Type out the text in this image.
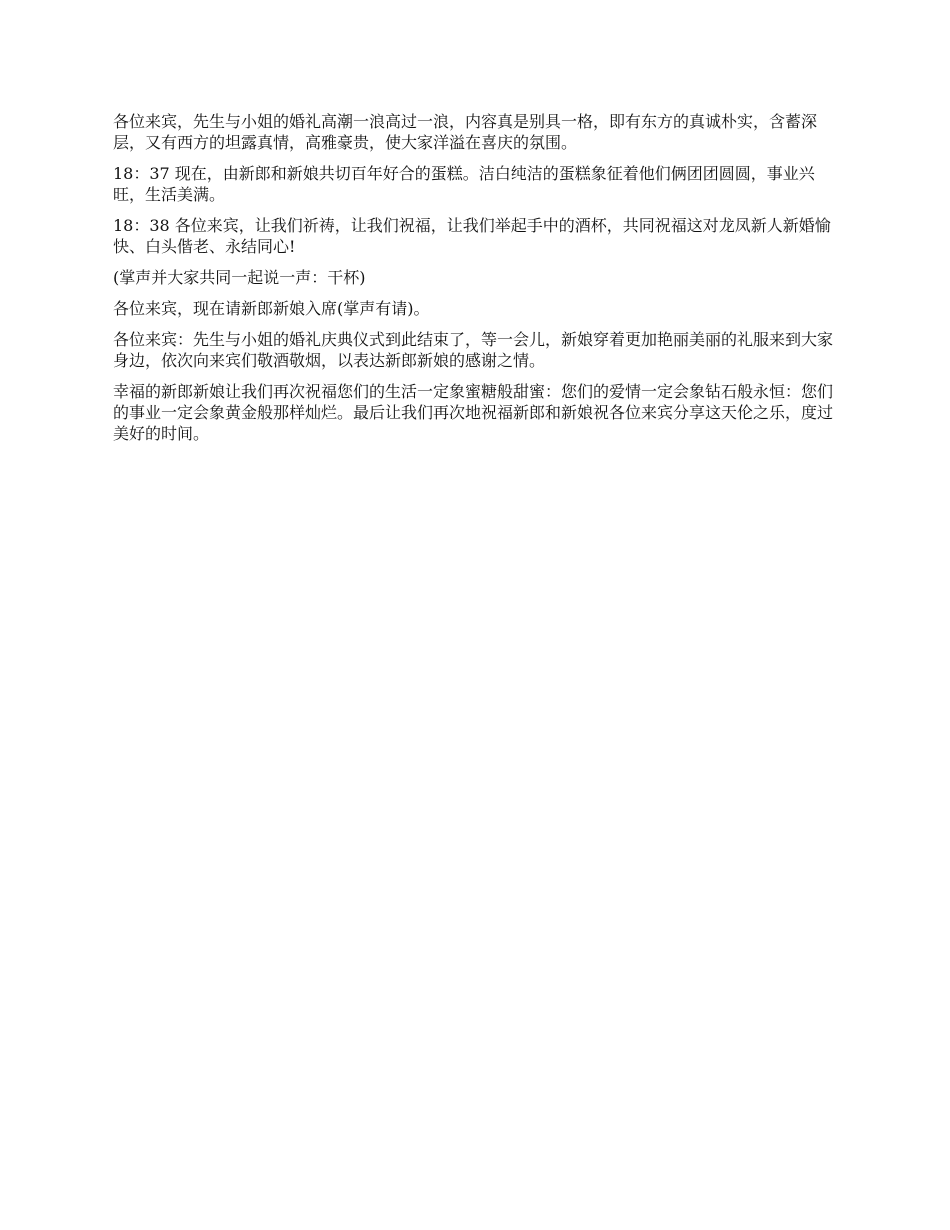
各位来宾，先生与小姐的婚礼高潮一浪高过一浪，内容真是别具一格，即有东方的真诚朴实，含蓄深层，又有西方的坦露真情，高雅豪贵，使大家洋溢在喜庆的氛围。

18：37 现在，由新郎和新娘共切百年好合的蛋糕。洁白纯洁的蛋糕象征着他们俩团团圆圆，事业兴旺，生活美满。

18：38 各位来宾，让我们祈祷，让我们祝福，让我们举起手中的酒杯，共同祝福这对龙凤新人新婚愉快、白头偕老、永结同心!

(掌声并大家共同一起说一声：干杯)

各位来宾，现在请新郎新娘入席(掌声有请)。

各位来宾：先生与小姐的婚礼庆典仪式到此结束了，等一会儿，新娘穿着更加艳丽美丽的礼服来到大家身边，依次向来宾们敬酒敬烟，以表达新郎新娘的感谢之情。

幸福的新郎新娘让我们再次祝福您们的生活一定象蜜糖般甜蜜：您们的爱情一定会象钻石般永恒：您们的事业一定会象黄金般那样灿烂。最后让我们再次地祝福新郎和新娘祝各位来宾分享这天伦之乐，度过美好的时间。
